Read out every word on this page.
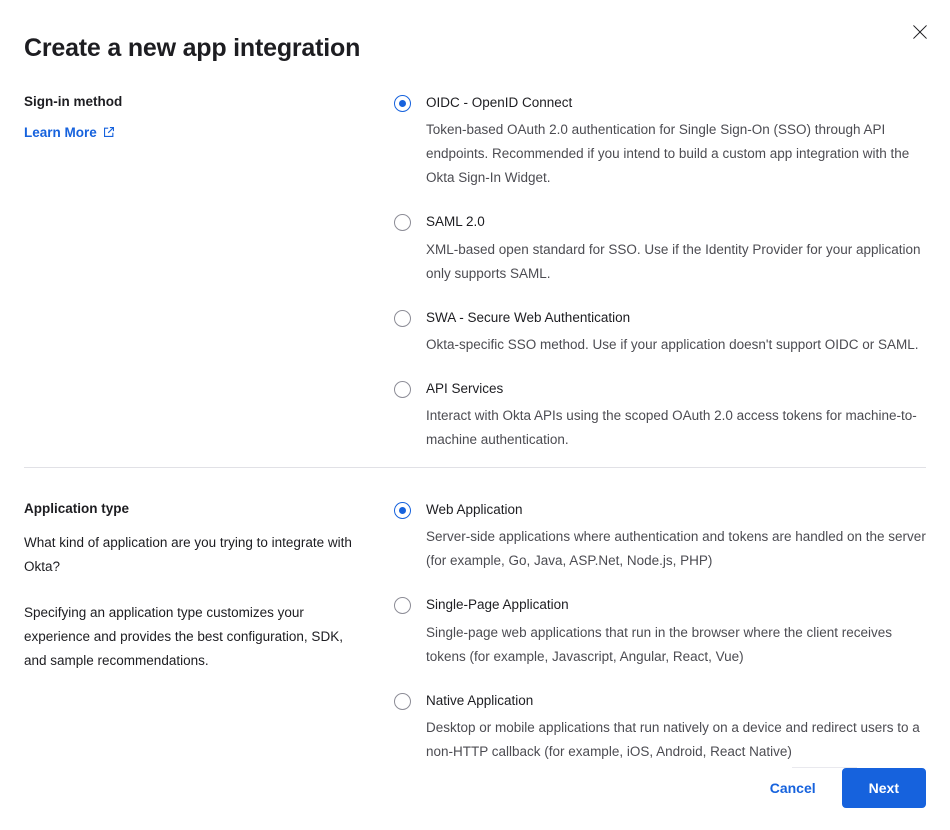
Create a new app integration

Sign-in method

Learn More

OIDC - OpenID Connect

Token-based OAuth 2.0 authentication for Single Sign-On (SSO) through API endpoints. Recommended if you intend to build a custom app integration with the Okta Sign-In Widget.

SAML 2.0

XML-based open standard for SSO. Use if the Identity Provider for your application only supports SAML.

SWA - Secure Web Authentication

Okta-specific SSO method. Use if your application doesn't support OIDC or SAML.

API Services

Interact with Okta APIs using the scoped OAuth 2.0 access tokens for machine-to-machine authentication.

Application type

What kind of application are you trying to integrate with Okta?

Specifying an application type customizes your experience and provides the best configuration, SDK, and sample recommendations.

Web Application

Server-side applications where authentication and tokens are handled on the server (for example, Go, Java, ASP.Net, Node.js, PHP)

Single-Page Application

Single-page web applications that run in the browser where the client receives tokens (for example, Javascript, Angular, React, Vue)

Native Application

Desktop or mobile applications that run natively on a device and redirect users to a non-HTTP callback (for example, iOS, Android, React Native)

Cancel	Next
